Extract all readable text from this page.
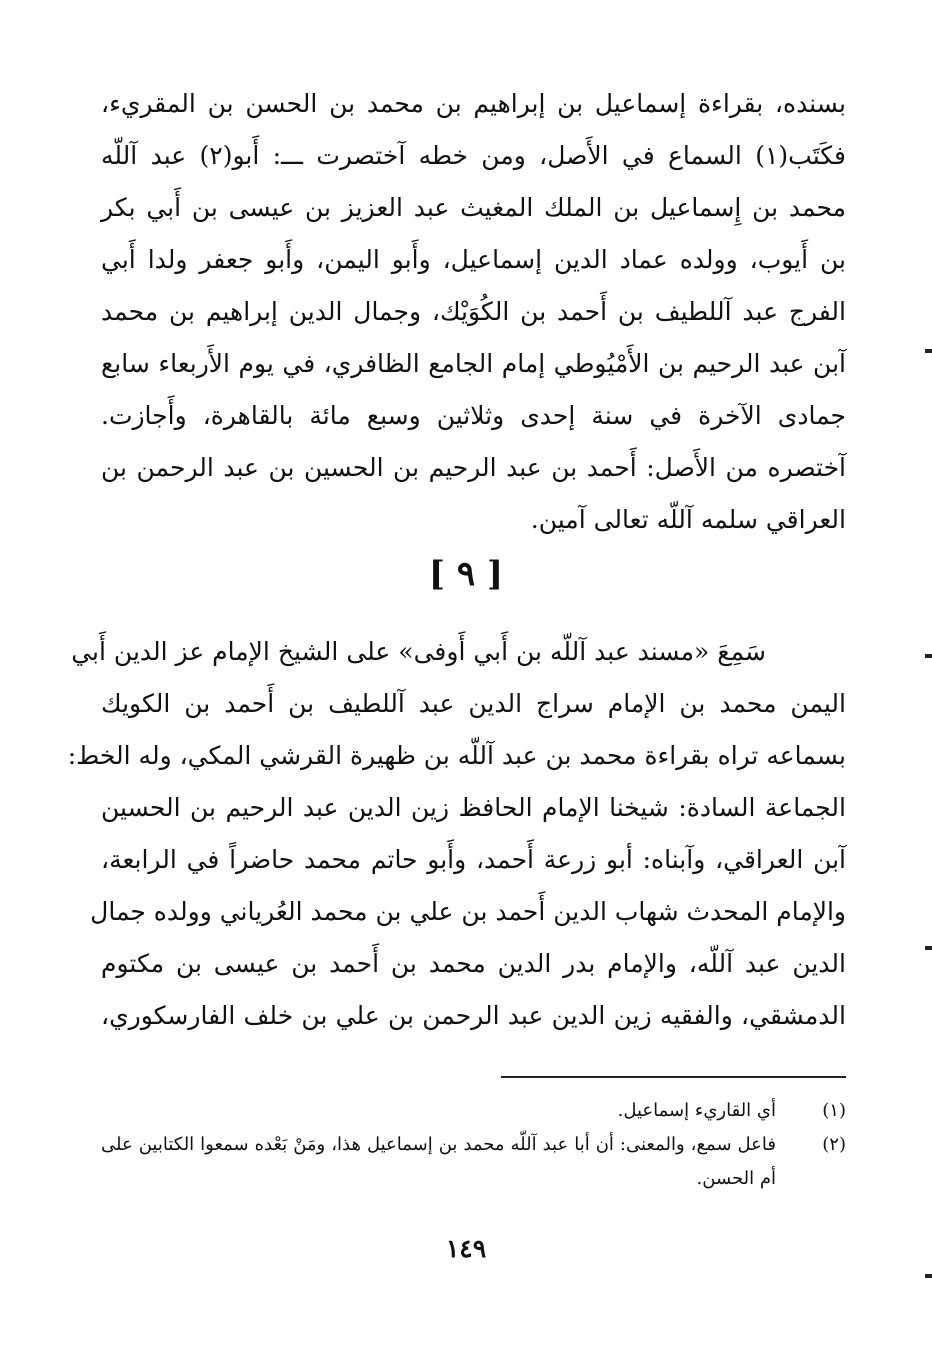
بسنده، بقراءة إسماعيل بن إبراهيم بن محمد بن الحسن بن المقريء،
فكَتَب(١) السماع في الأَصل، ومن خطه آختصرت ـــ: أَبو(٢) عبد آللّه
محمد بن إِسماعيل بن الملك المغيث عبد العزيز بن عيسى بن أَبي بكر
بن أَيوب، وولده عماد الدين إسماعيل، وأَبو اليمن، وأَبو جعفر ولدا أَبي
الفرج عبد آللطيف بن أَحمد بن الكُوَيْك، وجمال الدين إبراهيم بن محمد
آبن عبد الرحيم بن الأَمْيُوطي إمام الجامع الظافري، في يوم الأَربعاء سابع
جمادى الآخرة في سنة إحدى وثلاثين وسبع مائة بالقاهرة، وأَجازت.
آختصره من الأَصل: أَحمد بن عبد الرحيم بن الحسين بن عبد الرحمن بن
العراقي سلمه آللّه تعالى آمين.
[ ٩ ]
سَمِعَ «مسند عبد آللّه بن أَبي أَوفى» على الشيخ الإمام عز الدين أَبي
اليمن محمد بن الإمام سراج الدين عبد آللطيف بن أَحمد بن الكويك
بسماعه تراه بقراءة محمد بن عبد آللّه بن ظهيرة القرشي المكي، وله الخط:
الجماعة السادة: شيخنا الإمام الحافظ زين الدين عبد الرحيم بن الحسين
آبن العراقي، وآبناه: أبو زرعة أَحمد، وأَبو حاتم محمد حاضراً في الرابعة،
والإمام المحدث شهاب الدين أَحمد بن علي بن محمد العُرياني وولده جمال
الدين عبد آللّه، والإمام بدر الدين محمد بن أَحمد بن عيسى بن مكتوم
الدمشقي، والفقيه زين الدين عبد الرحمن بن علي بن خلف الفارسكوري،
(١)
أي القاريء إسماعيل.
(٢)
فاعل سمع، والمعنى: أن أبا عبد آللّه محمد بن إسماعيل هذا، ومَنْ بَعْده سمعوا الكتابين على أم الحسن.
١٤٩
